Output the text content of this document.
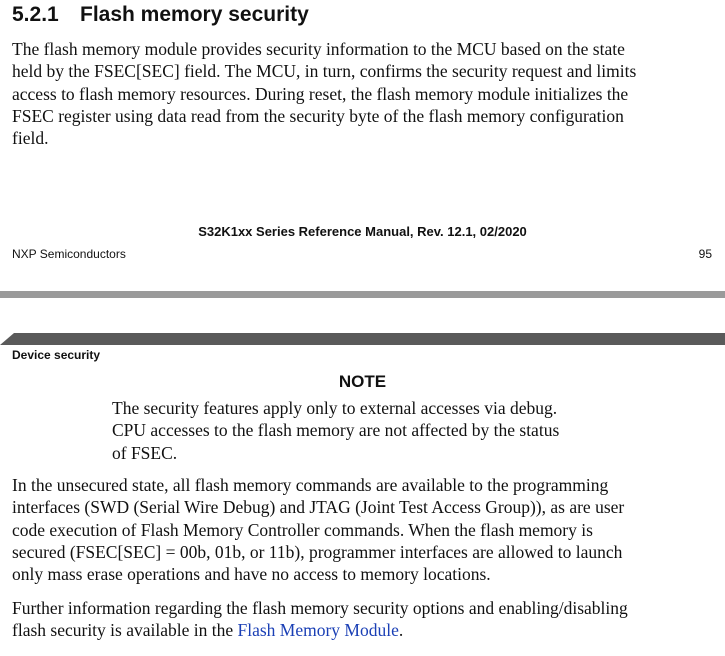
5.2.1 Flash memory security
The flash memory module provides security information to the MCU based on the state
held by the FSEC[SEC] field. The MCU, in turn, confirms the security request and limits
access to flash memory resources. During reset, the flash memory module initializes the
FSEC register using data read from the security byte of the flash memory configuration
field.
S32K1xx Series Reference Manual, Rev. 12.1, 02/2020
NXP Semiconductors	95
Device security
NOTE
The security features apply only to external accesses via debug.
CPU accesses to the flash memory are not affected by the status
of FSEC.
In the unsecured state, all flash memory commands are available to the programming
interfaces (SWD (Serial Wire Debug) and JTAG (Joint Test Access Group)), as are user
code execution of Flash Memory Controller commands. When the flash memory is
secured (FSEC[SEC] = 00b, 01b, or 11b), programmer interfaces are allowed to launch
only mass erase operations and have no access to memory locations.
Further information regarding the flash memory security options and enabling/disabling
flash security is available in the Flash Memory Module.
